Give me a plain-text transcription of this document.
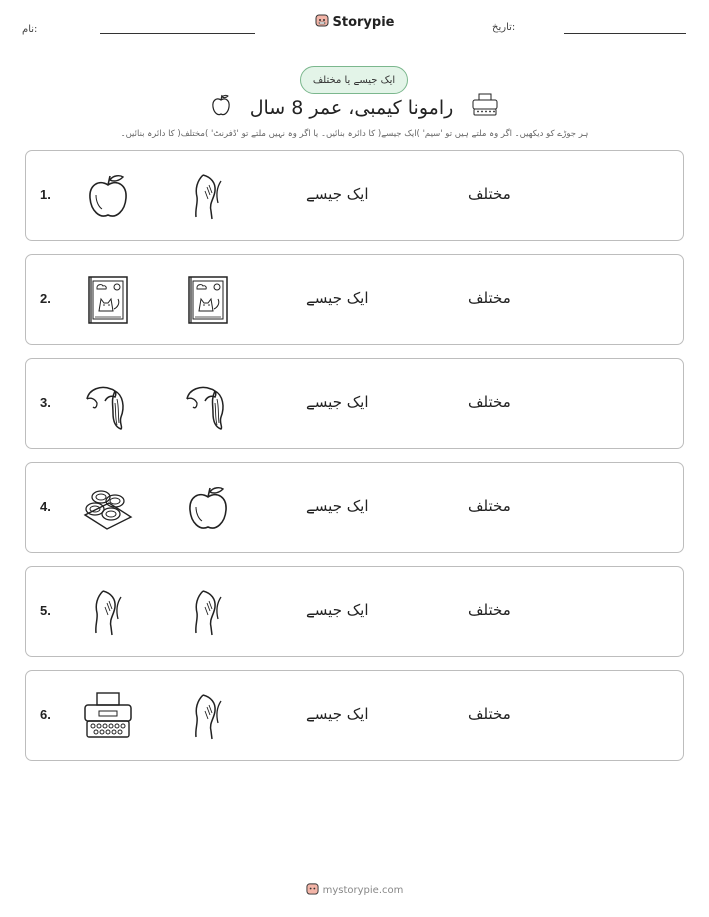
نام:	Storypie	تاریخ:
ایک جیسے یا مختلف
رامونا کیمبی، عمر 8 سال
ہر جوڑے کو دیکھیں۔ اگر وہ ملتے ہیں تو 'سیم' )ایک جیسے( کا دائرہ بنائیں۔ یا اگر وہ نہیں ملتے تو 'ڈفرنٹ' )مختلف( کا دائرہ بنائیں۔
1.	ایک جیسے	مختلف
2.	ایک جیسے	مختلف
3.	ایک جیسے	مختلف
4.	ایک جیسے	مختلف
5.	ایک جیسے	مختلف
6.	ایک جیسے	مختلف
mystorypie.com
